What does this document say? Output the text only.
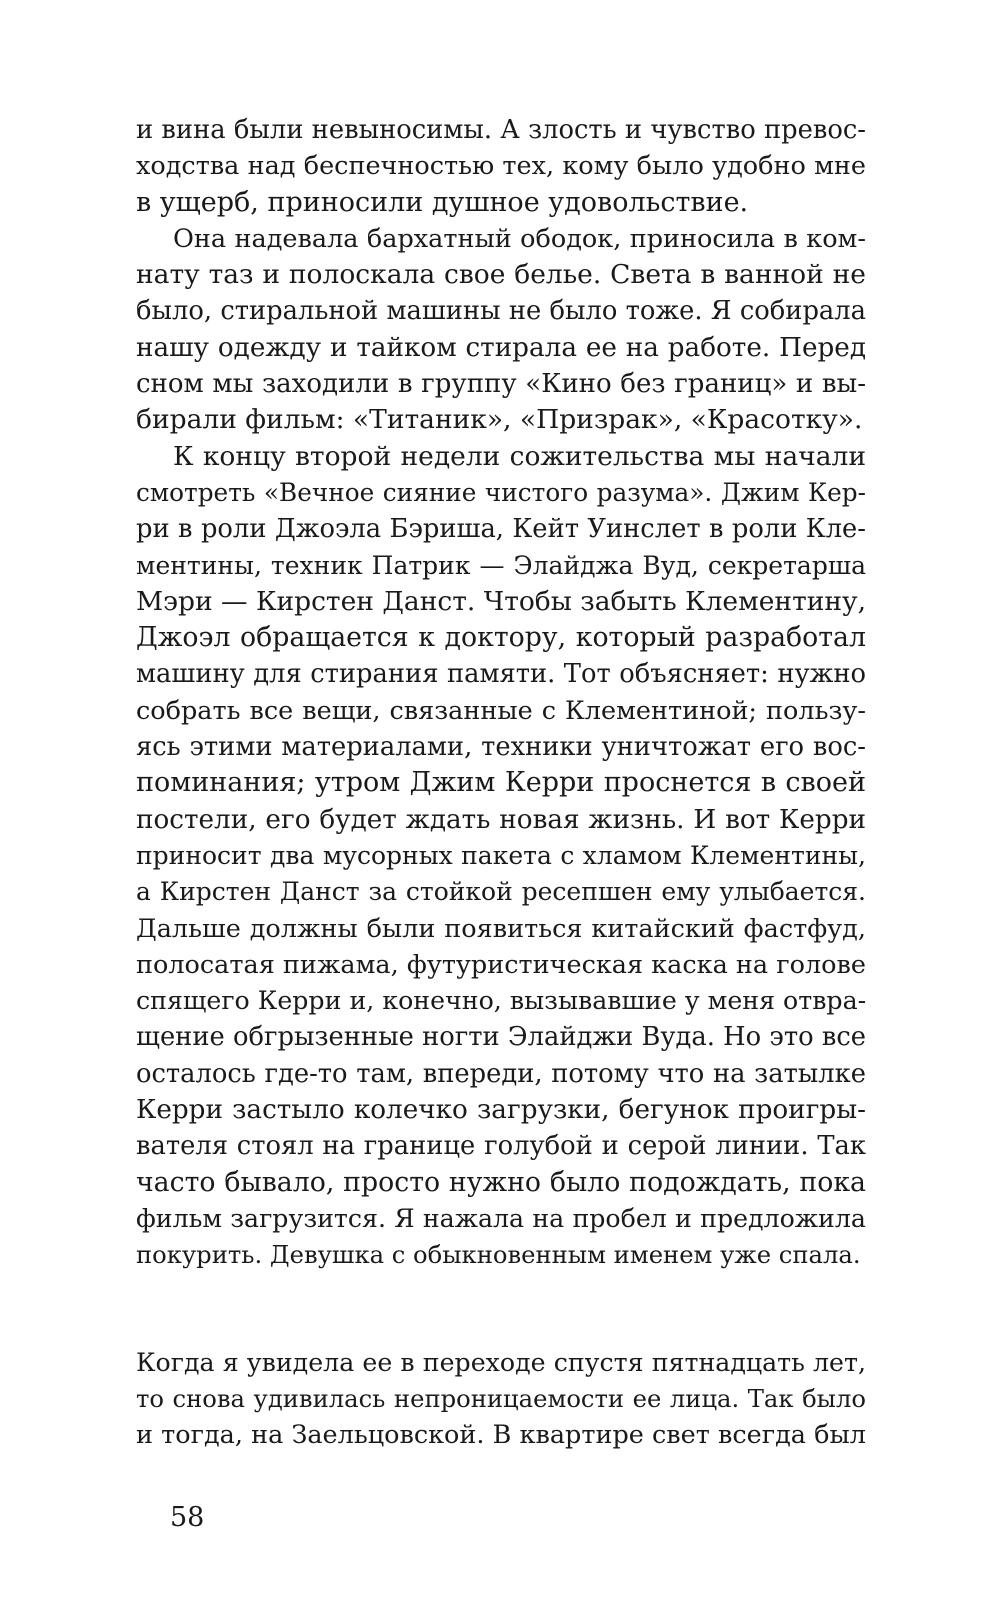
и вина были невыносимы. А злость и чувство превос-
ходства над беспечностью тех, кому было удобно мне
в ущерб, приносили душное удовольствие.
Она надевала бархатный ободок, приносила в ком-
нату таз и полоскала свое белье. Света в ванной не
было, стиральной машины не было тоже. Я собирала
нашу одежду и тайком стирала ее на работе. Перед
сном мы заходили в группу «Кино без границ» и вы-
бирали фильм: «Титаник», «Призрак», «Красотку».
К концу второй недели сожительства мы начали
смотреть «Вечное сияние чистого разума». Джим Кер-
ри в роли Джоэла Бэриша, Кейт Уинслет в роли Кле-
ментины, техник Патрик — Элайджа Вуд, секретарша
Мэри — Кирстен Данст. Чтобы забыть Клементину,
Джоэл обращается к доктору, который разработал
машину для стирания памяти. Тот объясняет: нужно
собрать все вещи, связанные с Клементиной; пользу-
ясь этими материалами, техники уничтожат его вос-
поминания; утром Джим Керри проснется в своей
постели, его будет ждать новая жизнь. И вот Керри
приносит два мусорных пакета с хламом Клементины,
а Кирстен Данст за стойкой ресепшен ему улыбается.
Дальше должны были появиться китайский фастфуд,
полосатая пижама, футуристическая каска на голове
спящего Керри и, конечно, вызывавшие у меня отвра-
щение обгрызенные ногти Элайджи Вуда. Но это все
осталось где-то там, впереди, потому что на затылке
Керри застыло колечко загрузки, бегунок проигры-
вателя стоял на границе голубой и серой линии. Так
часто бывало, просто нужно было подождать, пока
фильм загрузится. Я нажала на пробел и предложила
покурить. Девушка с обыкновенным именем уже спала.
Когда я увидела ее в переходе спустя пятнадцать лет,
то снова удивилась непроницаемости ее лица. Так было
и тогда, на Заельцовской. В квартире свет всегда был
58
